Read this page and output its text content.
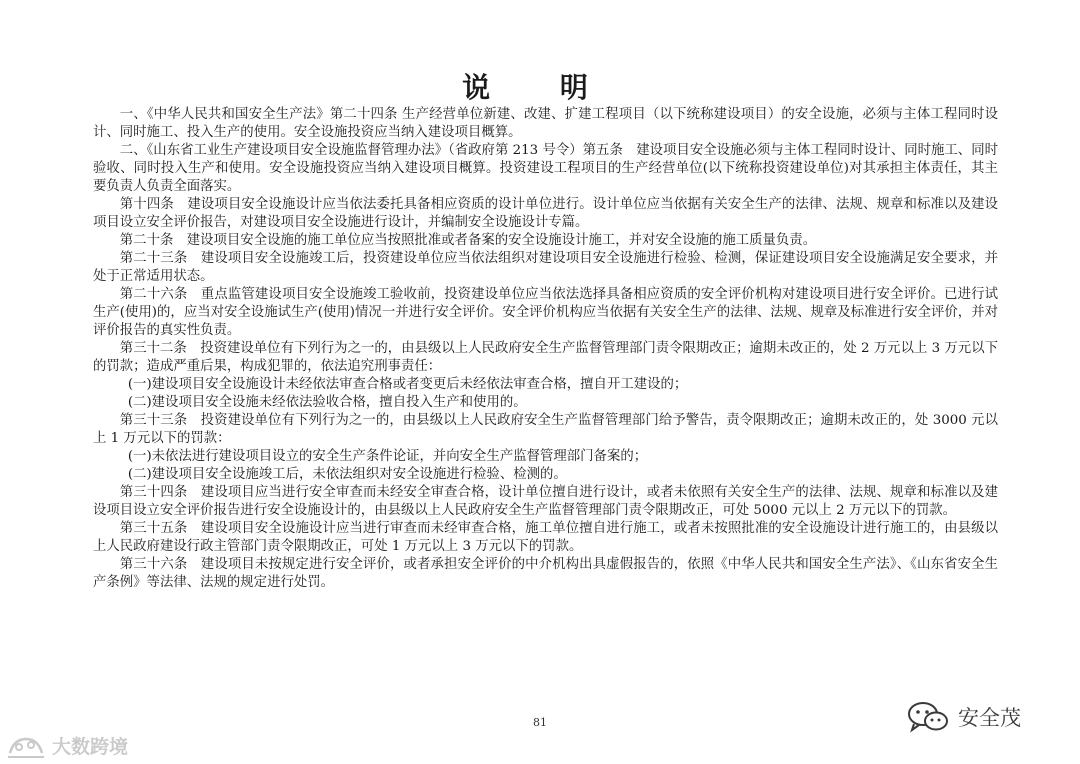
说 明

一、《中华人民共和国安全生产法》第二十四条 生产经营单位新建、改建、扩建工程项目（以下统称建设项目）的安全设施，必须与主体工程同时设计、同时施工、投入生产的使用。安全设施投资应当纳入建设项目概算。

二、《山东省工业生产建设项目安全设施监督管理办法》（省政府第 213 号令）第五条　建设项目安全设施必须与主体工程同时设计、同时施工、同时验收、同时投入生产和使用。安全设施投资应当纳入建设项目概算。投资建设工程项目的生产经营单位(以下统称投资建设单位)对其承担主体责任，其主要负责人负责全面落实。

第十四条　建设项目安全设施设计应当依法委托具备相应资质的设计单位进行。设计单位应当依据有关安全生产的法律、法规、规章和标准以及建设项目设立安全评价报告，对建设项目安全设施进行设计，并编制安全设施设计专篇。

第二十条　建设项目安全设施的施工单位应当按照批准或者备案的安全设施设计施工，并对安全设施的施工质量负责。

第二十三条　建设项目安全设施竣工后，投资建设单位应当依法组织对建设项目安全设施进行检验、检测，保证建设项目安全设施满足安全要求，并处于正常适用状态。

第二十六条　重点监管建设项目安全设施竣工验收前，投资建设单位应当依法选择具备相应资质的安全评价机构对建设项目进行安全评价。已进行试生产(使用)的，应当对安全设施试生产(使用)情况一并进行安全评价。安全评价机构应当依据有关安全生产的法律、法规、规章及标准进行安全评价，并对评价报告的真实性负责。

第三十二条　投资建设单位有下列行为之一的，由县级以上人民政府安全生产监督管理部门责令限期改正；逾期未改正的，处 2 万元以上 3 万元以下的罚款；造成严重后果，构成犯罪的，依法追究刑事责任：

(一)建设项目安全设施设计未经依法审查合格或者变更后未经依法审查合格，擅自开工建设的；

(二)建设项目安全设施未经依法验收合格，擅自投入生产和使用的。

第三十三条　投资建设单位有下列行为之一的，由县级以上人民政府安全生产监督管理部门给予警告，责令限期改正；逾期未改正的，处 3000 元以上 1 万元以下的罚款：

(一)未依法进行建设项目设立的安全生产条件论证，并向安全生产监督管理部门备案的；

(二)建设项目安全设施竣工后，未依法组织对安全设施进行检验、检测的。

第三十四条　建设项目应当进行安全审查而未经安全审查合格，设计单位擅自进行设计，或者未依照有关安全生产的法律、法规、规章和标准以及建设项目设立安全评价报告进行安全设施设计的，由县级以上人民政府安全生产监督管理部门责令限期改正，可处 5000 元以上 2 万元以下的罚款。

第三十五条　建设项目安全设施设计应当进行审查而未经审查合格，施工单位擅自进行施工，或者未按照批准的安全设施设计进行施工的，由县级以上人民政府建设行政主管部门责令限期改正，可处 1 万元以上 3 万元以下的罚款。

第三十六条　建设项目未按规定进行安全评价，或者承担安全评价的中介机构出具虚假报告的，依照《中华人民共和国安全生产法》、《山东省安全生产条例》等法律、法规的规定进行处罚。

81
大数跨境
安全茂
